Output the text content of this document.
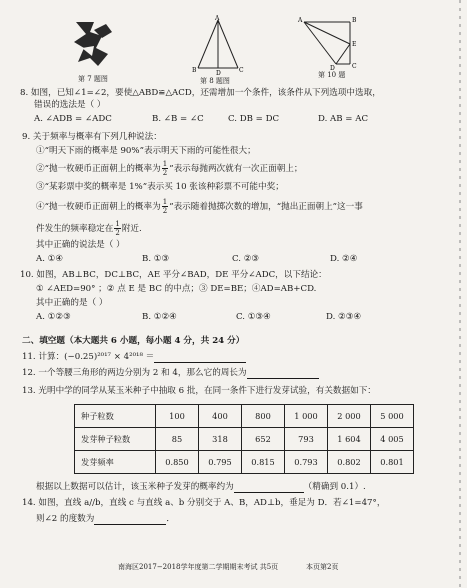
第 7 题图
A
B	C
D
第 8 题图
A	B
E
C
D
第 10 题
8. 如图，已知∠1=∠2，要使△ABD≌△ACD，还需增加一个条件，该条件从下列选项中选取，
错误的选法是（ ）
A. ∠ADB = ∠ADC	B. ∠B = ∠C	C. DB = DC	D. AB = AC
9. 关于频率与概率有下列几种说法：
①“明天下雨的概率是 90%”表示明天下雨的可能性很大；
②“抛一枚硬币正面朝上的概率为 $\frac{1}{2}$ ”表示每抛两次就有一次正面朝上；
③“某彩票中奖的概率是 1%”表示买 10 张该种彩票不可能中奖；
④“抛一枚硬币正面朝上的概率为 $\frac{1}{2}$ ”表示随着抛掷次数的增加，“抛出正面朝上”这一事
件发生的频率稳定在 $\frac{1}{2}$ 附近.
其中正确的说法是（ ）
A. ①④	B. ①③	C. ②③	D. ②④
10. 如图，AB⊥BC，DC⊥BC，AE 平分∠BAD，DE 平分∠ADC，以下结论：
① ∠AED=90° ；② 点 E 是 BC 的中点；③ DE=BE；④AD=AB+CD.
其中正确的是（ ）
A. ①②③	B. ①②④	C. ①③④	D. ②③④
二、填空题（本大题共 6 小题，每小题 4 分，共 24 分）
11. 计算：(−0.25)²⁰¹⁷ × 4²⁰¹⁸ ＝
12. 一个等腰三角形的两边分别为 2 和 4，那么它的周长为
13. 光明中学的同学从某玉米种子中抽取 6 批，在同一条件下进行发芽试验，有关数据如下：
种子粒数	100	400	800	1 000	2 000	5 000
发芽种子粒数	85	318	652	793	1 604	4 005
发芽频率	0.850	0.795	0.815	0.793	0.802	0.801
根据以上数据可以估计，该玉米种子发芽的概率约为	（精确到 0.1）.
14. 如图，直线 a//b，直线 c 与直线 a、b 分别交于 A、B，AD⊥b，垂足为 D．若∠1=47°，
则∠2 的度数为	．
南海区2017−2018学年度第二学期期末考试 共5页	本页第2页
